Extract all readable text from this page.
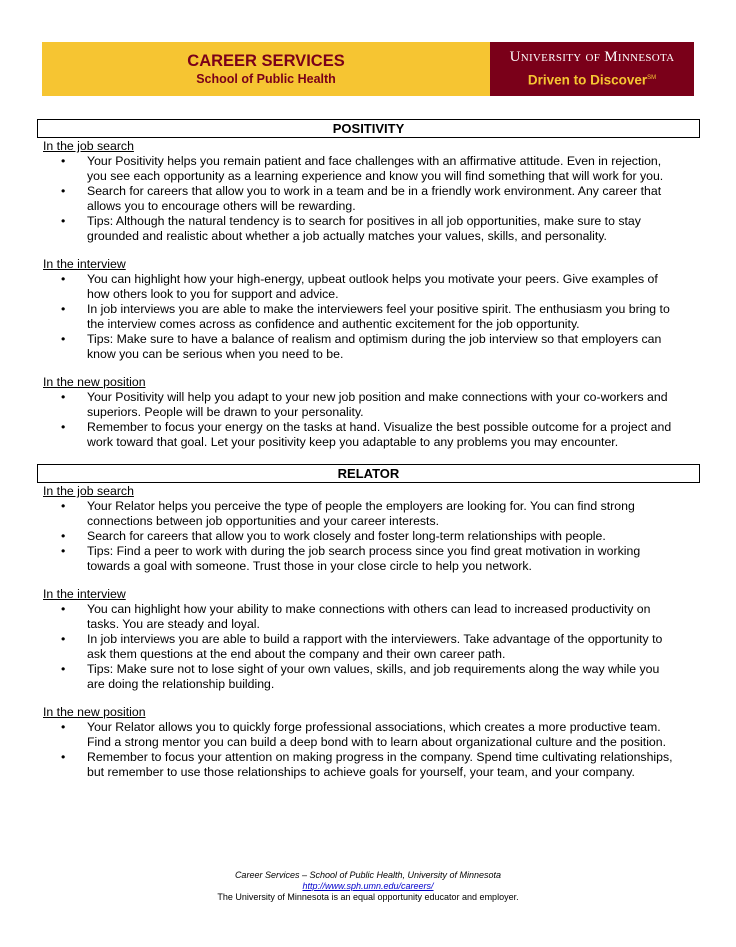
CAREER SERVICES
School of Public Health
University of Minnesota
Driven to Discover℠
POSITIVITY
In the job search
• Your Positivity helps you remain patient and face challenges with an affirmative attitude. Even in rejection,
you see each opportunity as a learning experience and know you will find something that will work for you.
• Search for careers that allow you to work in a team and be in a friendly work environment. Any career that
allows you to encourage others will be rewarding.
• Tips: Although the natural tendency is to search for positives in all job opportunities, make sure to stay
grounded and realistic about whether a job actually matches your values, skills, and personality.
In the interview
• You can highlight how your high-energy, upbeat outlook helps you motivate your peers. Give examples of
how others look to you for support and advice.
• In job interviews you are able to make the interviewers feel your positive spirit. The enthusiasm you bring to
the interview comes across as confidence and authentic excitement for the job opportunity.
• Tips: Make sure to have a balance of realism and optimism during the job interview so that employers can
know you can be serious when you need to be.
In the new position
• Your Positivity will help you adapt to your new job position and make connections with your co-workers and
superiors. People will be drawn to your personality.
• Remember to focus your energy on the tasks at hand. Visualize the best possible outcome for a project and
work toward that goal. Let your positivity keep you adaptable to any problems you may encounter.
RELATOR
In the job search
• Your Relator helps you perceive the type of people the employers are looking for. You can find strong
connections between job opportunities and your career interests.
• Search for careers that allow you to work closely and foster long-term relationships with people.
• Tips: Find a peer to work with during the job search process since you find great motivation in working
towards a goal with someone. Trust those in your close circle to help you network.
In the interview
• You can highlight how your ability to make connections with others can lead to increased productivity on
tasks. You are steady and loyal.
• In job interviews you are able to build a rapport with the interviewers. Take advantage of the opportunity to
ask them questions at the end about the company and their own career path.
• Tips: Make sure not to lose sight of your own values, skills, and job requirements along the way while you
are doing the relationship building.
In the new position
• Your Relator allows you to quickly forge professional associations, which creates a more productive team.
Find a strong mentor you can build a deep bond with to learn about organizational culture and the position.
• Remember to focus your attention on making progress in the company. Spend time cultivating relationships,
but remember to use those relationships to achieve goals for yourself, your team, and your company.
Career Services – School of Public Health, University of Minnesota
http://www.sph.umn.edu/careers/
The University of Minnesota is an equal opportunity educator and employer.
